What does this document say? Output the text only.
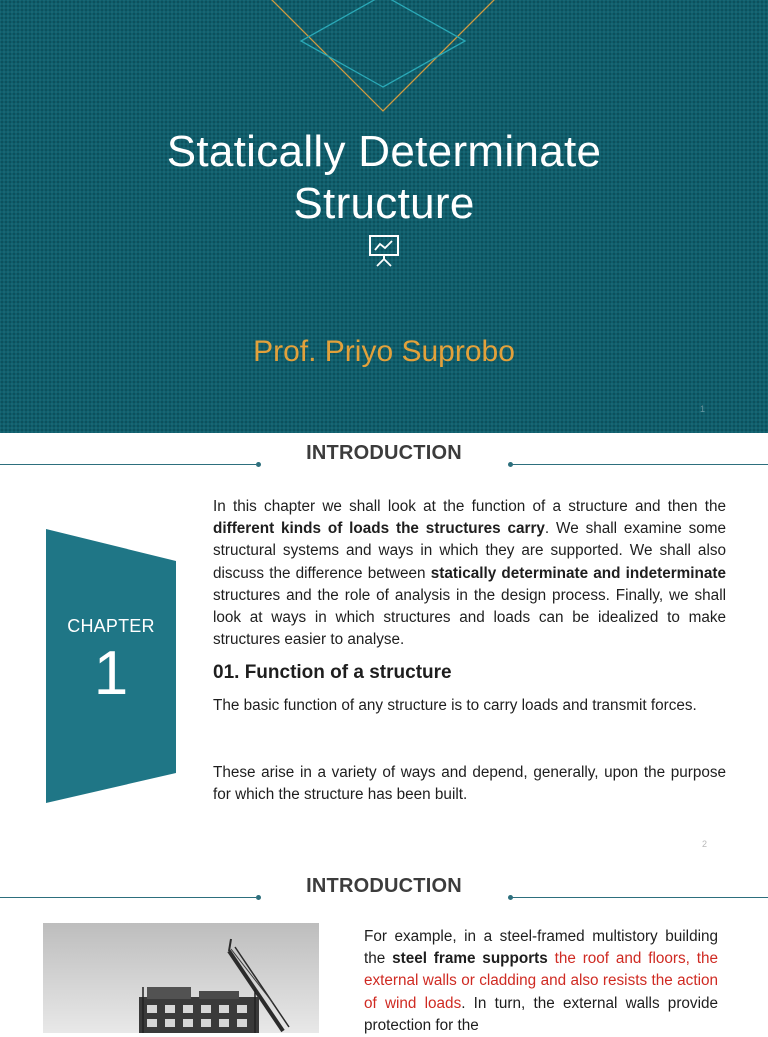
Statically Determinate
Structure

Prof. Priyo Suprobo

1
INTRODUCTION
CHAPTER
1

In this chapter we shall look at the function of a structure and then the different kinds of loads the structures carry. We shall examine some structural systems and ways in which they are supported. We shall also discuss the difference between statically determinate and indeterminate structures and the role of analysis in the design process. Finally, we shall look at ways in which structures and loads can be idealized to make structures easier to analyse.

01. Function of a structure

The basic function of any structure is to carry loads and transmit forces.

These arise in a variety of ways and depend, generally, upon the purpose for which the structure has been built.

2
INTRODUCTION

For example, in a steel-framed multistory building the steel frame supports the roof and floors, the external walls or cladding and also resists the action of wind loads. In turn, the external walls provide protection for the
